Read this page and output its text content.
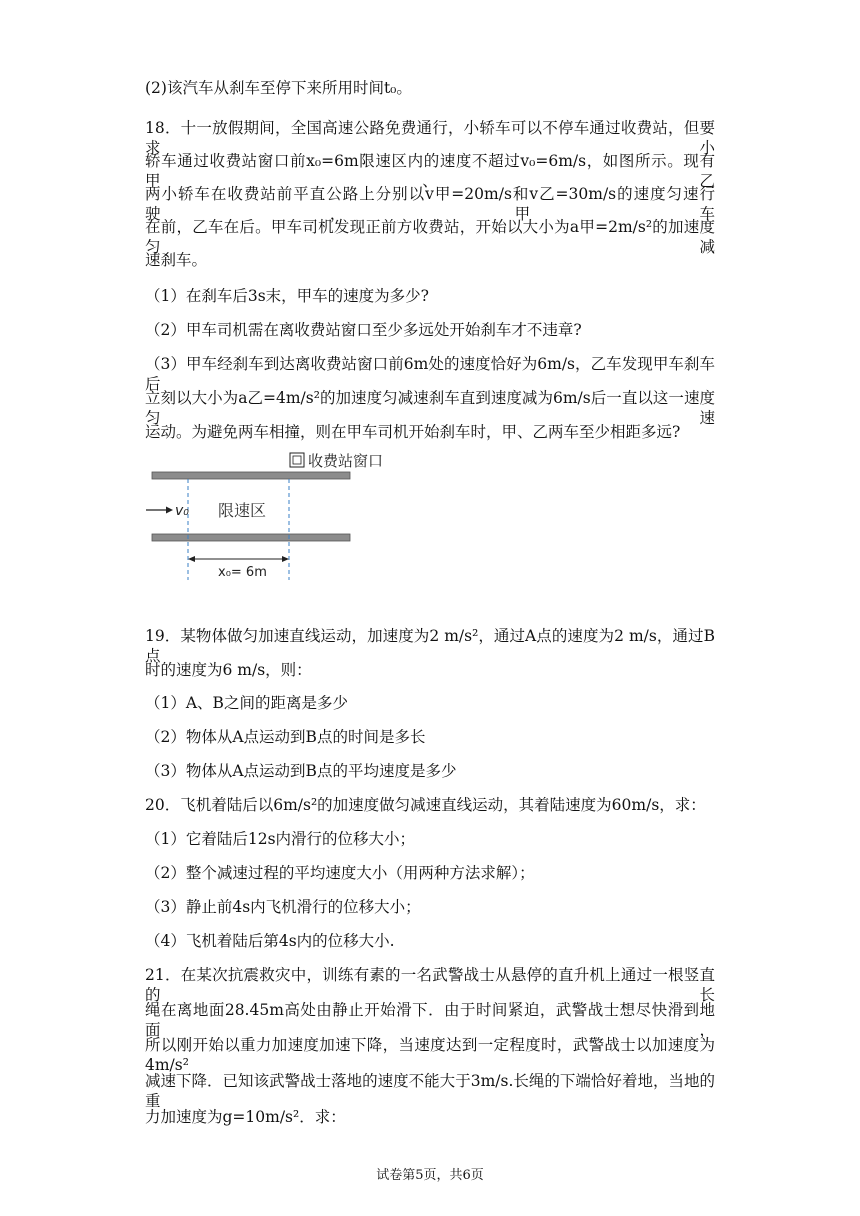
(2)该汽车从刹车至停下来所用时间t₀。
18．十一放假期间，全国高速公路免费通行，小轿车可以不停车通过收费站，但要求小
轿车通过收费站窗口前x₀=6m限速区内的速度不超过v₀=6m/s，如图所示。现有甲、乙
两小轿车在收费站前平直公路上分别以v甲=20m/s和v乙=30m/s的速度匀速行驶，甲车
在前，乙车在后。甲车司机发现正前方收费站，开始以大小为a甲=2m/s²的加速度匀减
速刹车。
（1）在刹车后3s末，甲车的速度为多少?
（2）甲车司机需在离收费站窗口至少多远处开始刹车才不违章?
（3）甲车经刹车到达离收费站窗口前6m处的速度恰好为6m/s，乙车发现甲车刹车后
立刻以大小为a乙=4m/s²的加速度匀减速刹车直到速度减为6m/s后一直以这一速度匀速
运动。为避免两车相撞，则在甲车司机开始刹车时，甲、乙两车至少相距多远?
收费站窗口
v₀ 限速区
x₀= 6m
19．某物体做匀加速直线运动，加速度为2 m/s²，通过A点的速度为2 m/s，通过B点
时的速度为6 m/s，则：
（1）A、B之间的距离是多少
（2）物体从A点运动到B点的时间是多长
（3）物体从A点运动到B点的平均速度是多少
20．飞机着陆后以6m/s²的加速度做匀减速直线运动，其着陆速度为60m/s，求：
（1）它着陆后12s内滑行的位移大小；
（2）整个减速过程的平均速度大小（用两种方法求解）；
（3）静止前4s内飞机滑行的位移大小；
（4）飞机着陆后第4s内的位移大小.
21．在某次抗震救灾中，训练有素的一名武警战士从悬停的直升机上通过一根竖直的长
绳在离地面28.45m高处由静止开始滑下．由于时间紧迫，武警战士想尽快滑到地面，
所以刚开始以重力加速度加速下降，当速度达到一定程度时，武警战士以加速度为4m/s²
减速下降．已知该武警战士落地的速度不能大于3m/s.长绳的下端恰好着地，当地的重
力加速度为g=10m/s²．求：
试卷第5页，共6页
